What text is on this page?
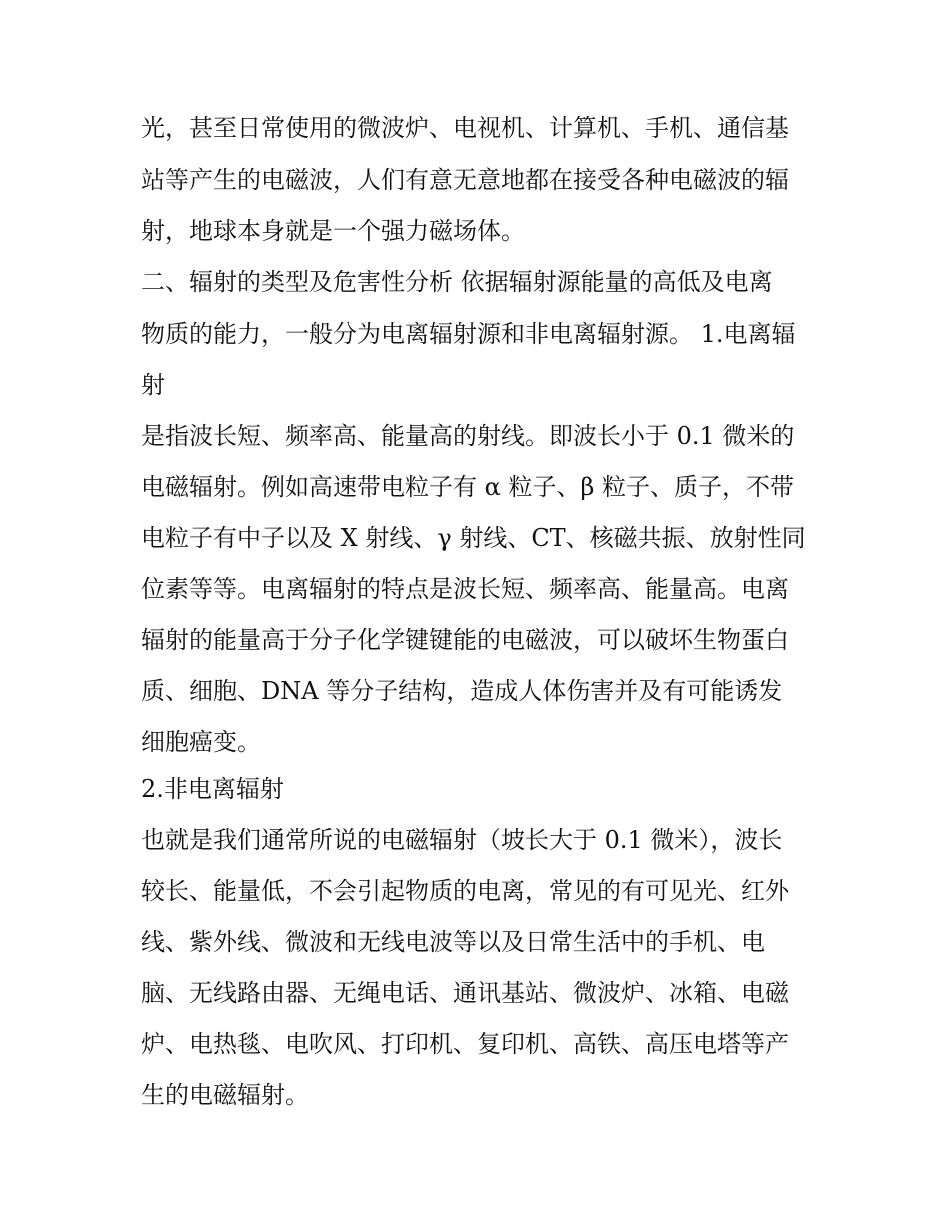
光，甚至日常使用的微波炉、电视机、计算机、手机、通信基
站等产生的电磁波，人们有意无意地都在接受各种电磁波的辐
射，地球本身就是一个强力磁场体。
二、辐射的类型及危害性分析 依据辐射源能量的高低及电离
物质的能力，一般分为电离辐射源和非电离辐射源。 1.电离辐
射
是指波长短、频率高、能量高的射线。即波长小于 0.1 微米的
电磁辐射。例如高速带电粒子有 α 粒子、β 粒子、质子，不带
电粒子有中子以及 X 射线、γ 射线、CT、核磁共振、放射性同
位素等等。电离辐射的特点是波长短、频率高、能量高。电离
辐射的能量高于分子化学键键能的电磁波，可以破坏生物蛋白
质、细胞、DNA 等分子结构，造成人体伤害并及有可能诱发
细胞癌变。
2.非电离辐射
也就是我们通常所说的电磁辐射（坡长大于 0.1 微米），波长
较长、能量低，不会引起物质的电离，常见的有可见光、红外
线、紫外线、微波和无线电波等以及日常生活中的手机、电
脑、无线路由器、无绳电话、通讯基站、微波炉、冰箱、电磁
炉、电热毯、电吹风、打印机、复印机、高铁、高压电塔等产
生的电磁辐射。
